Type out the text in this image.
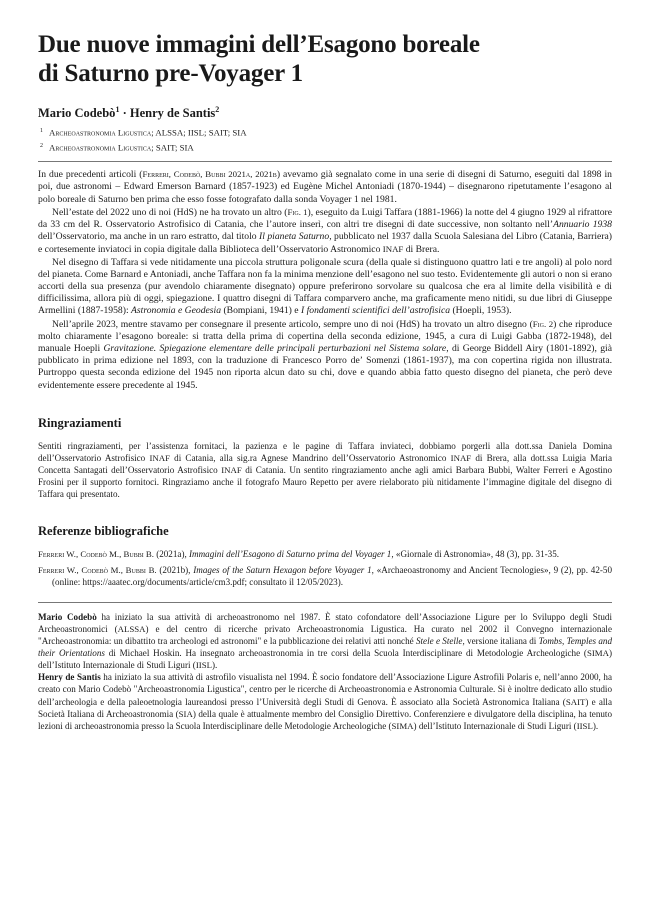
Due nuove immagini dell’Esagono boreale
di Saturno pre-Voyager 1
Mario Codebò$^1$ · Henry de Santis$^2$
$^1$ Archeoastronomia Ligustica; ALSSA; IISL; SAIT; SIA
$^2$ Archeoastronomia Ligustica; SAIT; SIA

In due precedenti articoli (Ferreri, Codebò, Bubbi 2021a, 2021b) avevamo già segnalato come in una serie di disegni di Saturno, eseguiti dal 1898 in poi, due astronomi – Edward Emerson Barnard (1857-1923) ed Eugène Michel Antoniadi (1870-1944) – disegnarono ripetutamente l’esagono al polo boreale di Saturno ben prima che esso fosse fotografato dalla sonda Voyager 1 nel 1981.

Nell’estate del 2022 uno di noi (HdS) ne ha trovato un altro (Fig. 1), eseguito da Luigi Taffara (1881-1966) la notte del 4 giugno 1929 al rifrattore da 33 cm del R. Osservatorio Astrofisico di Catania, che l’autore inserì, con altri tre disegni di date successive, non soltanto nell’Annuario 1938 dell’Osservatorio, ma anche in un raro estratto, dal titolo Il pianeta Saturno, pubblicato nel 1937 dalla Scuola Salesiana del Libro (Catania, Barriera) e cortesemente inviatoci in copia digitale dalla Biblioteca dell’Osservatorio Astronomico INAF di Brera.

Nel disegno di Taffara si vede nitidamente una piccola struttura poligonale scura (della quale si distinguono quattro lati e tre angoli) al polo nord del pianeta. Come Barnard e Antoniadi, anche Taffara non fa la minima menzione dell’esagono nel suo testo. Evidentemente gli autori o non si erano accorti della sua presenza (pur avendolo chiaramente disegnato) oppure preferirono sorvolare su qualcosa che era al limite della visibilità e di difficilissima, allora più di oggi, spiegazione. I quattro disegni di Taffara comparvero anche, ma graficamente meno nitidi, su due libri di Giuseppe Armellini (1887-1958): Astronomia e Geodesia (Bompiani, 1941) e I fondamenti scientifici dell’astrofisica (Hoepli, 1953).

Nell’aprile 2023, mentre stavamo per consegnare il presente articolo, sempre uno di noi (HdS) ha trovato un altro disegno (Fig. 2) che riproduce molto chiaramente l’esagono boreale: si tratta della prima di copertina della seconda edizione, 1945, a cura di Luigi Gabba (1872-1948), del manuale Hoepli Gravitazione. Spiegazione elementare delle principali perturbazioni nel Sistema solare, di George Biddell Airy (1801-1892), già pubblicato in prima edizione nel 1893, con la traduzione di Francesco Porro de’ Somenzi (1861-1937), ma con copertina rigida non illustrata. Purtroppo questa seconda edizione del 1945 non riporta alcun dato su chi, dove e quando abbia fatto questo disegno del pianeta, che però deve evidentemente essere precedente al 1945.

Ringraziamenti

Sentiti ringraziamenti, per l’assistenza fornitaci, la pazienza e le pagine di Taffara inviateci, dobbiamo porgerli alla dott.ssa Daniela Domina dell’Osservatorio Astrofisico INAF di Catania, alla sig.ra Agnese Mandrino dell’Osservatorio Astronomico INAF di Brera, alla dott.ssa Luigia Maria Concetta Santagati dell’Osservatorio Astrofisico INAF di Catania. Un sentito ringraziamento anche agli amici Barbara Bubbi, Walter Ferreri e Agostino Frosini per il supporto fornitoci. Ringraziamo anche il fotografo Mauro Repetto per avere rielaborato più nitidamente l’immagine digitale del disegno di Taffara qui presentato.

Referenze bibliografiche

Ferreri W., Codebò M., Bubbi B. (2021a), Immagini dell’Esagono di Saturno prima del Voyager 1, «Giornale di Astronomia», 48 (3), pp. 31-35.

Ferreri W., Codebò M., Bubbi B. (2021b), Images of the Saturn Hexagon before Voyager 1, «Archaeoastronomy and Ancient Tecnologies», 9 (2), pp. 42-50 (online: https://aaatec.org/documents/article/cm3.pdf; consultato il 12/05/2023).

Mario Codebò ha iniziato la sua attività di archeoastronomo nel 1987. È stato cofondatore dell’Associazione Ligure per lo Sviluppo degli Studi Archeoastronomici (ALSSA) e del centro di ricerche privato Archeoastronomia Ligustica. Ha curato nel 2002 il Convegno internazionale "Archeoastronomia: un dibattito tra archeologi ed astronomi" e la pubblicazione dei relativi atti nonché Stele e Stelle, versione italiana di Tombs, Temples and their Orientations di Michael Hoskin. Ha insegnato archeoastronomia in tre corsi della Scuola Interdisciplinare di Metodologie Archeologiche (SIMA) dell’Istituto Internazionale di Studi Liguri (IISL).

Henry de Santis ha iniziato la sua attività di astrofilo visualista nel 1994. È socio fondatore dell’Associazione Ligure Astrofili Polaris e, nell’anno 2000, ha creato con Mario Codebò "Archeoastronomia Ligustica", centro per le ricerche di Archeoastronomia e Astronomia Culturale. Si è inoltre dedicato allo studio dell’archeologia e della paleoetnologia laureandosi presso l’Università degli Studi di Genova. È associato alla Società Astronomica Italiana (SAIT) e alla Società Italiana di Archeoastronomia (SIA) della quale è attualmente membro del Consiglio Direttivo. Conferenziere e divulgatore della disciplina, ha tenuto lezioni di archeoastronomia presso la Scuola Interdisciplinare delle Metodologie Archeologiche (SIMA) dell’Istituto Internazionale di Studi Liguri (IISL).
